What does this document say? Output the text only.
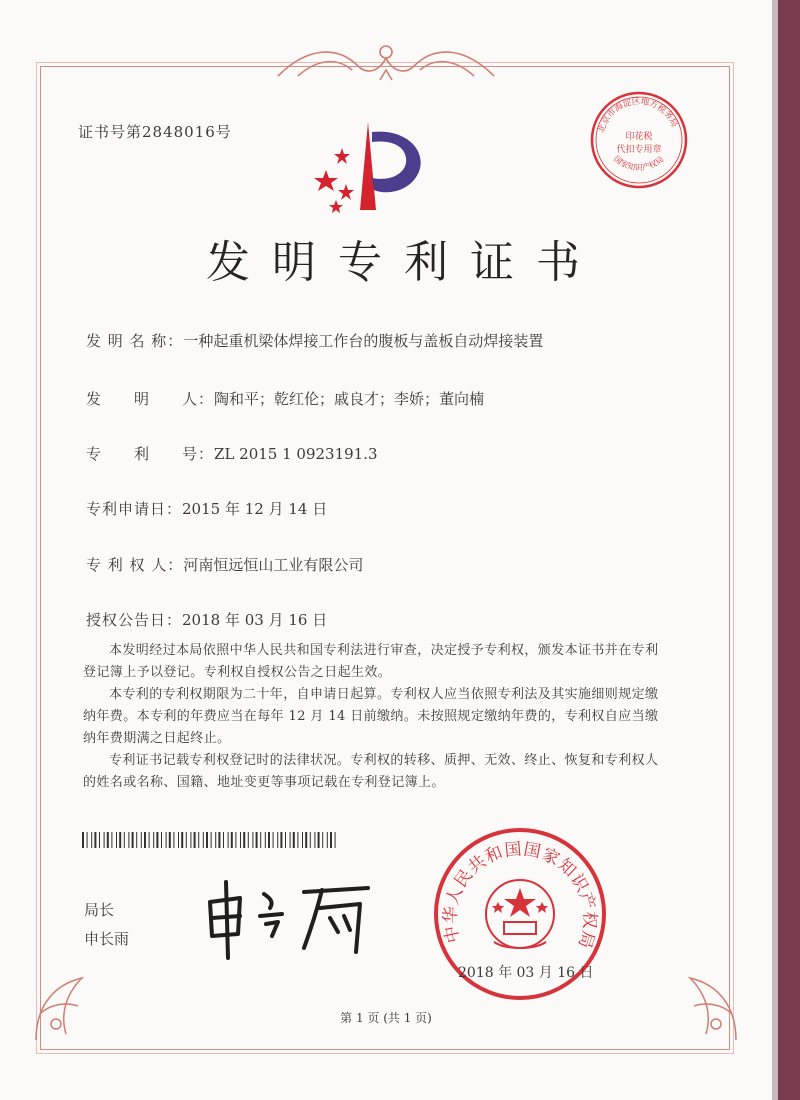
证书号第2848016号	北京市海淀区地方税务局
印花税
代扣专用章
国家知识产权局
发明专利证书
发 明 名 称：一种起重机梁体焊接工作台的腹板与盖板自动焊接装置
发　　明　　人：陶和平；乾红伦；戚良才；李娇；董向楠
专　　利　　号：ZL 2015 1 0923191.3
专利申请日：2015 年 12 月 14 日
专 利 权 人：河南恒远恒山工业有限公司
授权公告日：2018 年 03 月 16 日

本发明经过本局依照中华人民共和国专利法进行审查，决定授予专利权，颁发本证书并在专利登记簿上予以登记。专利权自授权公告之日起生效。

本专利的专利权期限为二十年，自申请日起算。专利权人应当依照专利法及其实施细则规定缴纳年费。本专利的年费应当在每年 12 月 14 日前缴纳。未按照规定缴纳年费的，专利权自应当缴纳年费期满之日起终止。

专利证书记载专利权登记时的法律状况。专利权的转移、质押、无效、终止、恢复和专利权人的姓名或名称、国籍、地址变更等事项记载在专利登记簿上。

局长
申长雨	中华人民共和国国家知识产权局
2018 年 03 月 16 日
第 1 页 (共 1 页)
